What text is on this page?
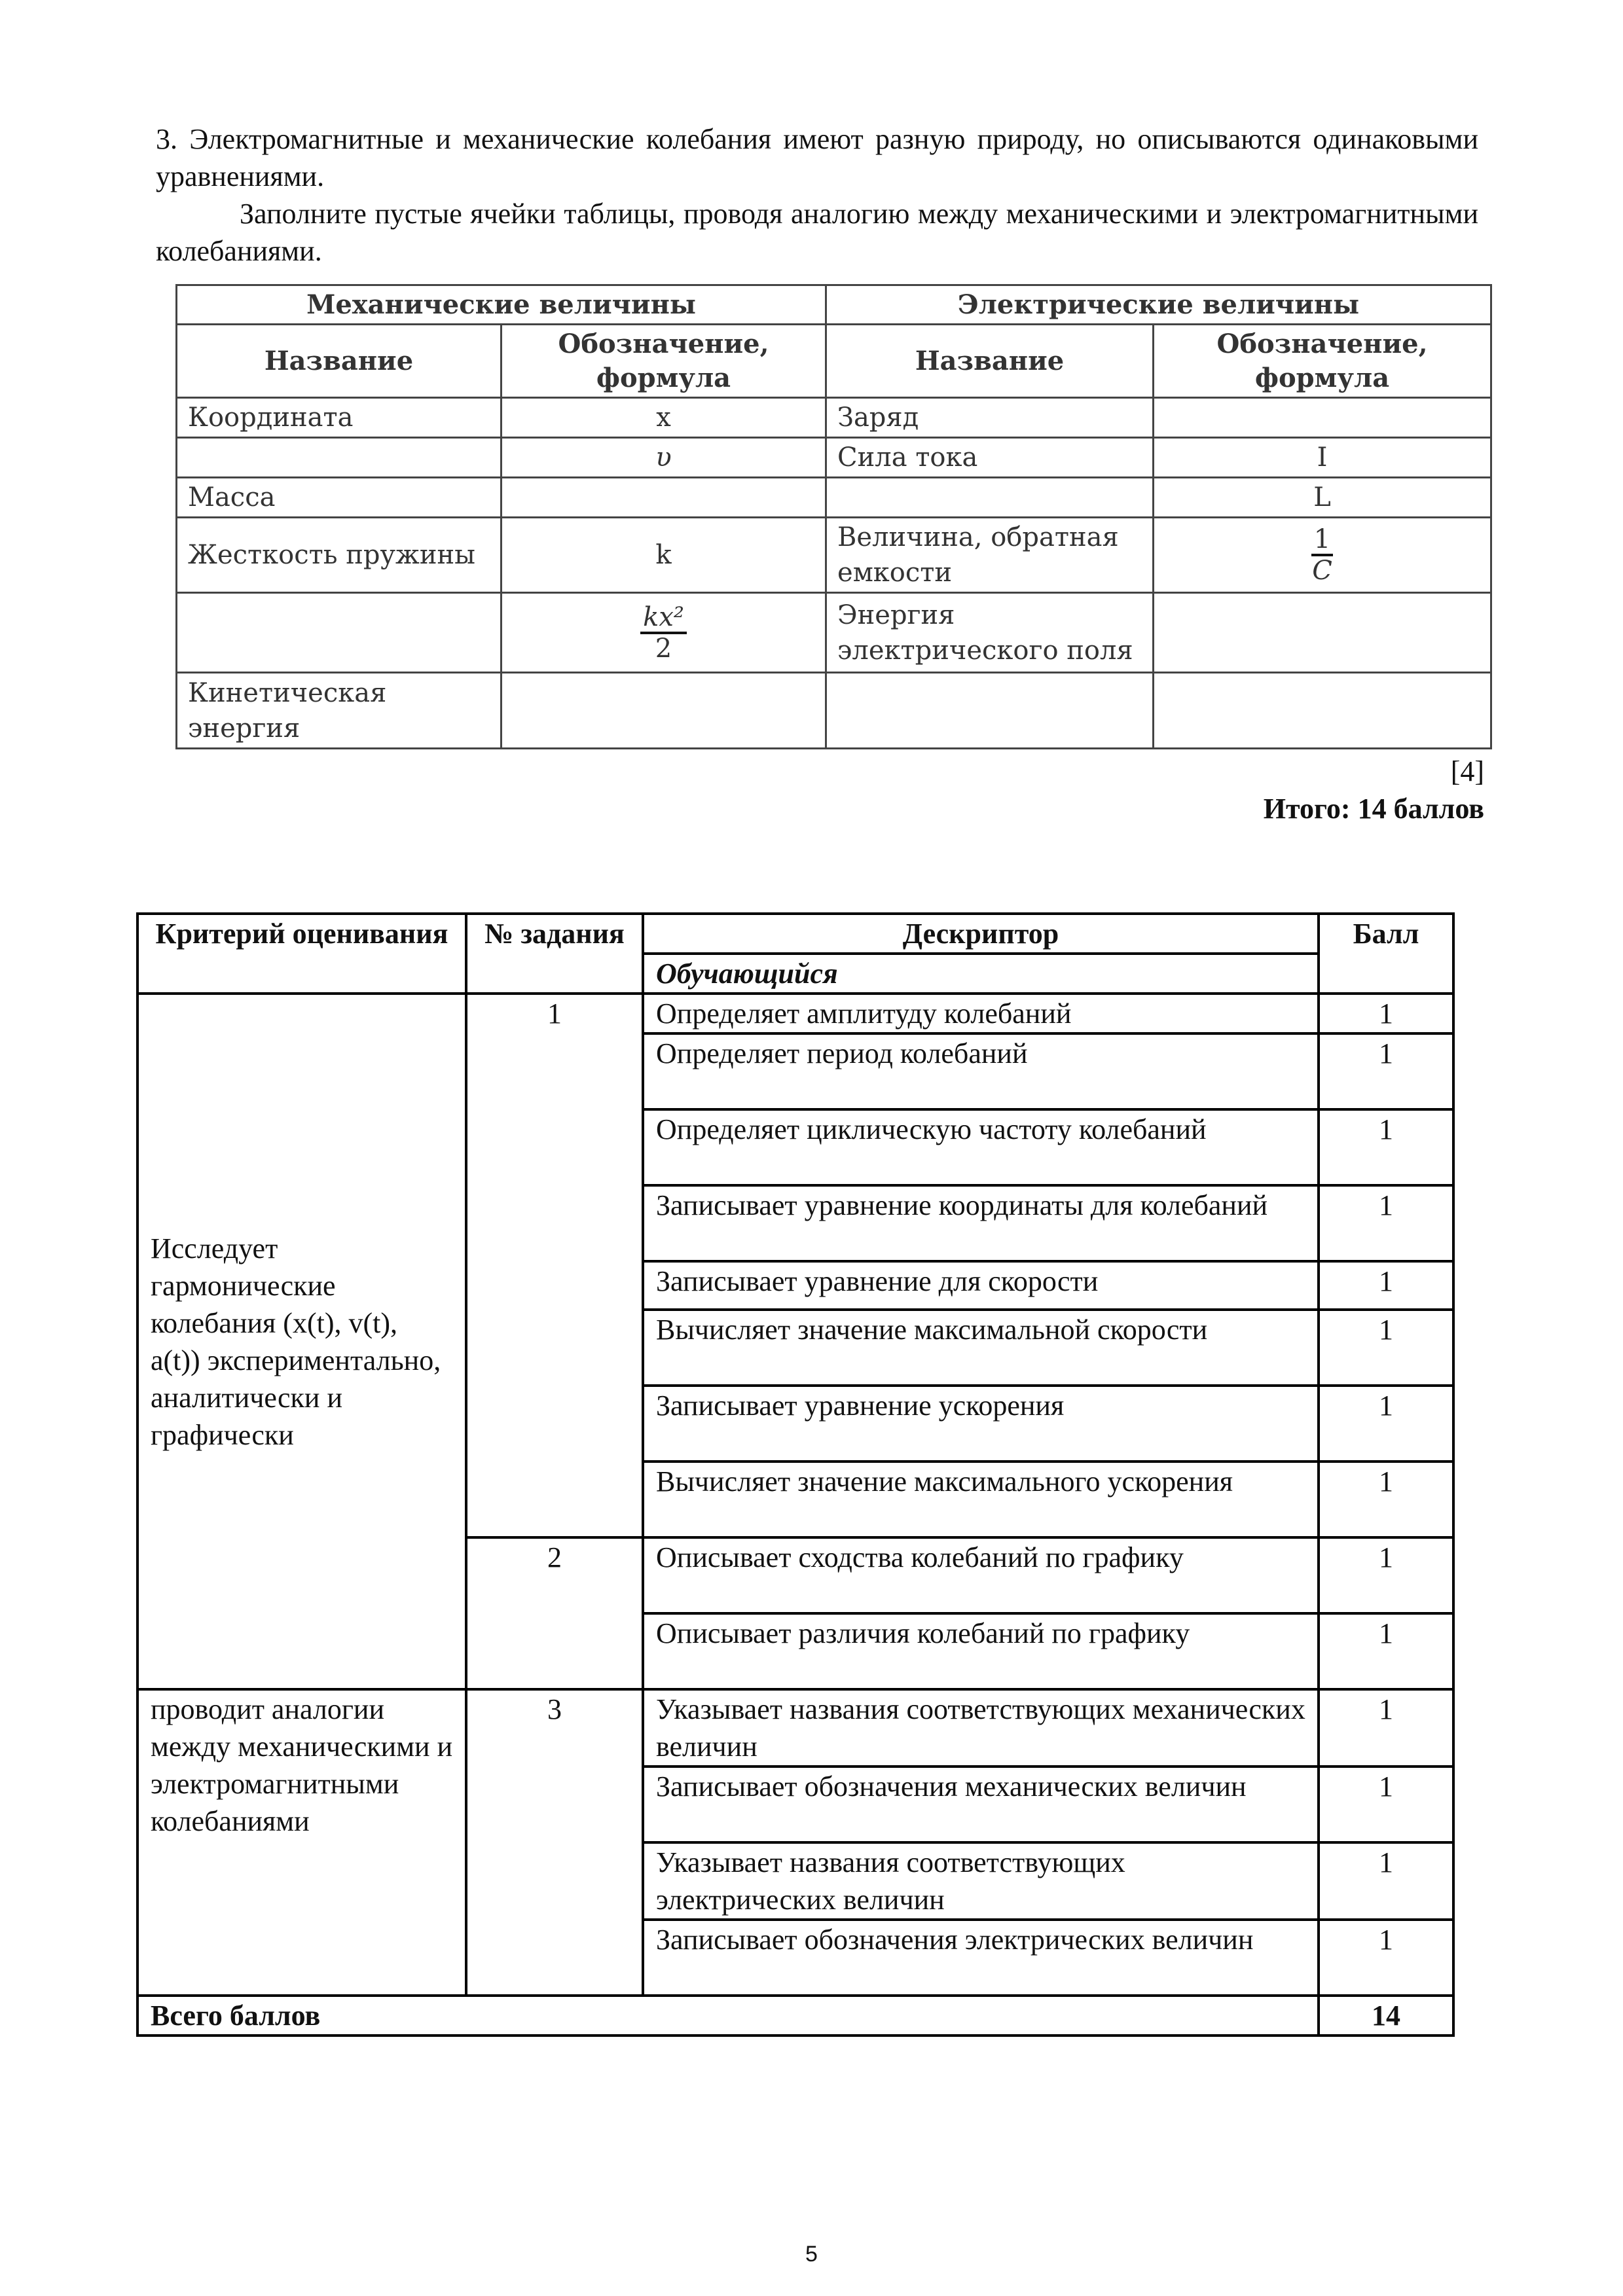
3. Электромагнитные и механические колебания имеют разную природу, но описываются одинаковыми уравнениями.

Заполните пустые ячейки таблицы, проводя аналогию между механическими и электромагнитными колебаниями.

Механические величины		Электрические величины	
Название	Обозначение, формула	Название	Обозначение, формула
Координата	x	Заряд	
	υ	Сила тока	I
Масса			L
Жесткость пружины	k	Величина, обратная емкости	$\frac{1}{C}$

	$\frac{\text{kx²}}{2}$	Энергия электрического поля	
Кинетическая энергия			
[4]
Итого: 14 баллов
Критерий оценивания	№ задания	Дескриптор	Балл
		Обучающийся	
Исследует гармонические колебания (x(t), v(t), a(t)) экспериментально, аналитически и графически	1	Определяет амплитуду колебаний	1
		Определяет период колебаний	1
		Определяет циклическую частоту колебаний	1
		Записывает уравнение координаты для колебаний	1
		Записывает уравнение для скорости	1
		Вычисляет значение максимальной скорости	1
		Записывает уравнение ускорения	1
		Вычисляет значение максимального ускорения	1
	2	Описывает сходства колебаний по графику	1
		Описывает различия колебаний по графику	1
проводит аналогии между механическими и электромагнитными колебаниями	3	Указывает названия соответствующих механических величин	1
		Записывает обозначения механических величин	1
		Указывает названия соответствующих электрических величин	1
		Записывает обозначения электрических величин	1
Всего баллов			14
5
